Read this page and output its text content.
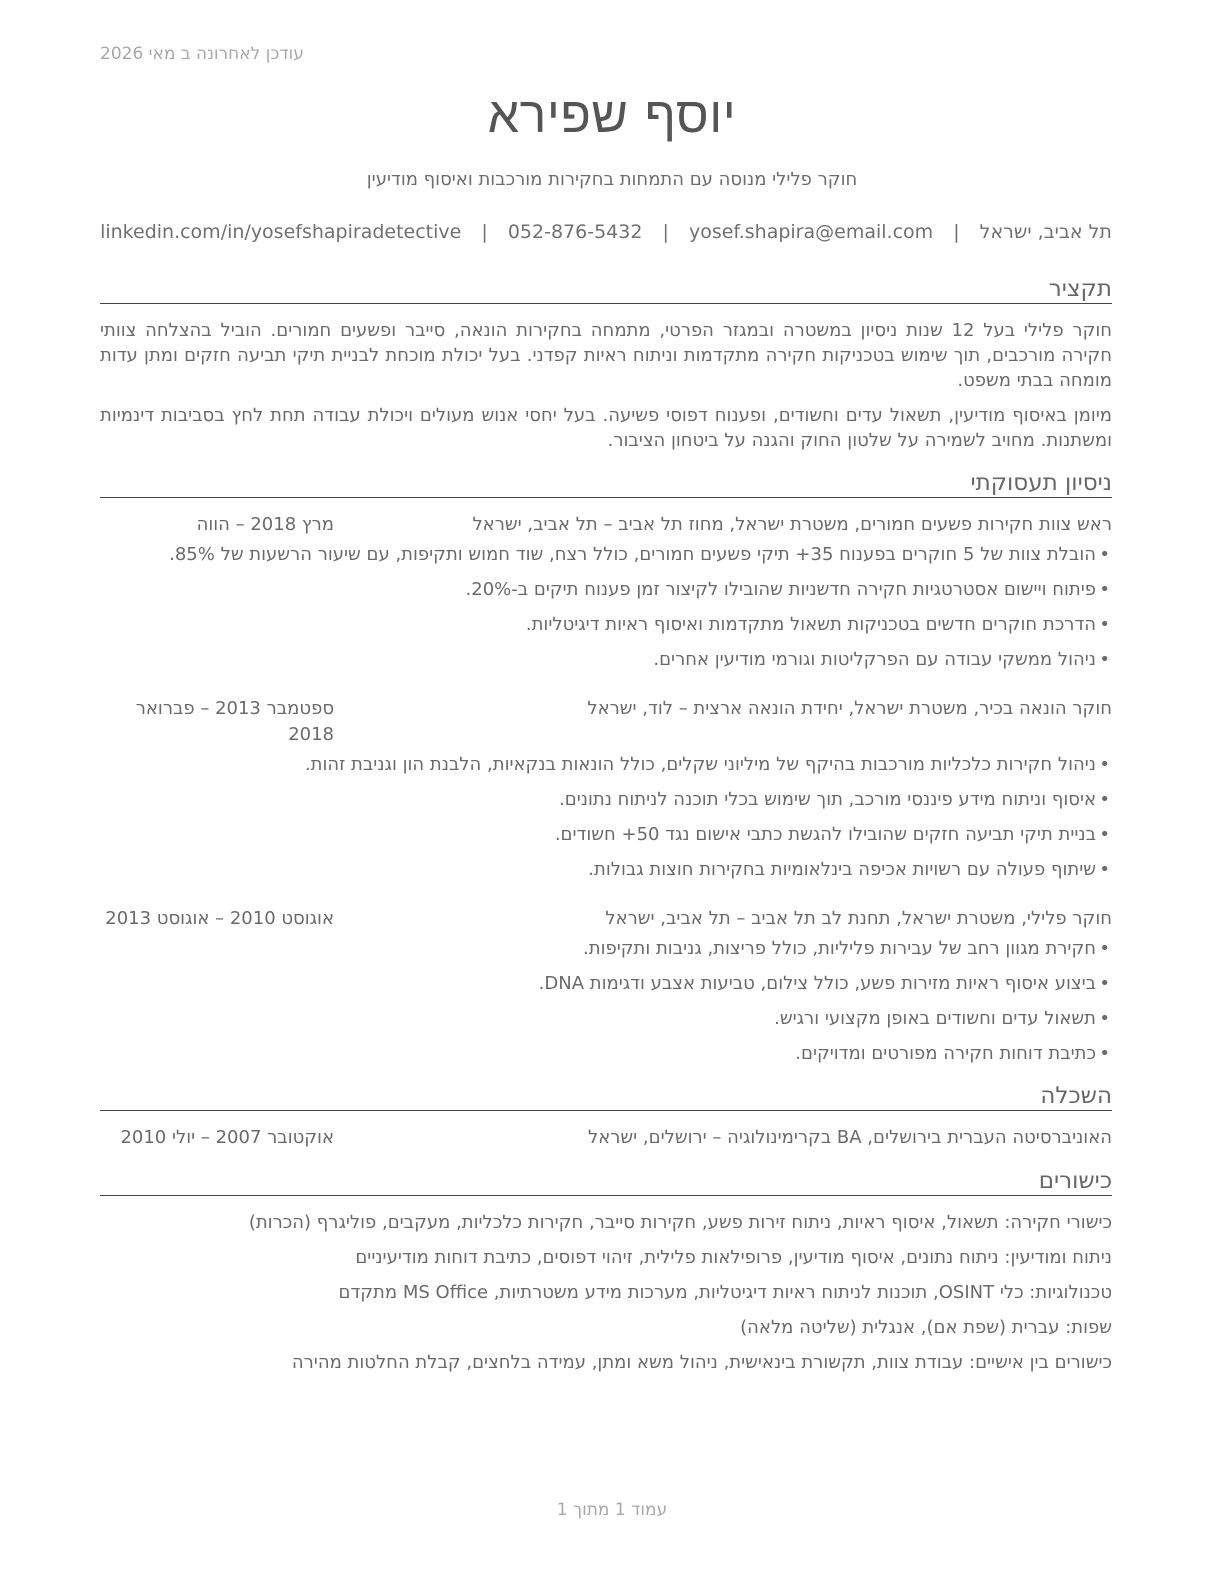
עודכן לאחרונה ב מאי 2026
יוסף שפירא
חוקר פלילי מנוסה עם התמחות בחקירות מורכבות ואיסוף מודיעין
תל אביב, ישראל | yosef.shapira@email.com | 052-876-5432 | linkedin.com/in/yosefshapiradetective
תקציר

חוקר פלילי בעל 12 שנות ניסיון במשטרה ובמגזר הפרטי, מתמחה בחקירות הונאה, סייבר ופשעים חמורים. הוביל בהצלחה צוותי חקירה מורכבים, תוך שימוש בטכניקות חקירה מתקדמות וניתוח ראיות קפדני. בעל יכולת מוכחת לבניית תיקי תביעה חזקים ומתן עדות מומחה בבתי משפט.

מיומן באיסוף מודיעין, תשאול עדים וחשודים, ופענוח דפוסי פשיעה. בעל יחסי אנוש מעולים ויכולת עבודה תחת לחץ בסביבות דינמיות ומשתנות. מחויב לשמירה על שלטון החוק והגנה על ביטחון הציבור.

ניסיון תעסוקתי
ראש צוות חקירות פשעים חמורים, משטרת ישראל, מחוז תל אביב – תל אביב, ישראל
מרץ 2018 – הווה
• הובלת צוות של 5 חוקרים בפענוח 35+ תיקי פשעים חמורים, כולל רצח, שוד חמוש ותקיפות, עם שיעור הרשעות של 85%.
• פיתוח ויישום אסטרטגיות חקירה חדשניות שהובילו לקיצור זמן פענוח תיקים ב-20%.
• הדרכת חוקרים חדשים בטכניקות תשאול מתקדמות ואיסוף ראיות דיגיטליות.
• ניהול ממשקי עבודה עם הפרקליטות וגורמי מודיעין אחרים.
חוקר הונאה בכיר, משטרת ישראל, יחידת הונאה ארצית – לוד, ישראל
ספטמבר 2013 – פברואר 2018
• ניהול חקירות כלכליות מורכבות בהיקף של מיליוני שקלים, כולל הונאות בנקאיות, הלבנת הון וגניבת זהות.
• איסוף וניתוח מידע פיננסי מורכב, תוך שימוש בכלי תוכנה לניתוח נתונים.
• בניית תיקי תביעה חזקים שהובילו להגשת כתבי אישום נגד 50+ חשודים.
• שיתוף פעולה עם רשויות אכיפה בינלאומיות בחקירות חוצות גבולות.
חוקר פלילי, משטרת ישראל, תחנת לב תל אביב – תל אביב, ישראל
אוגוסט 2010 – אוגוסט 2013
• חקירת מגוון רחב של עבירות פליליות, כולל פריצות, גניבות ותקיפות.
• ביצוע איסוף ראיות מזירות פשע, כולל צילום, טביעות אצבע ודגימות DNA.
• תשאול עדים וחשודים באופן מקצועי ורגיש.
• כתיבת דוחות חקירה מפורטים ומדויקים.
השכלה
האוניברסיטה העברית בירושלים, BA בקרימינולוגיה – ירושלים, ישראל
אוקטובר 2007 – יולי 2010
כישורים
כישורי חקירה: תשאול, איסוף ראיות, ניתוח זירות פשע, חקירות סייבר, חקירות כלכליות, מעקבים, פוליגרף (הכרות)
ניתוח ומודיעין: ניתוח נתונים, איסוף מודיעין, פרופילאות פלילית, זיהוי דפוסים, כתיבת דוחות מודיעיניים
טכנולוגיות: כלי OSINT, תוכנות לניתוח ראיות דיגיטליות, מערכות מידע משטרתיות, MS Office מתקדם
שפות: עברית (שפת אם), אנגלית (שליטה מלאה)
כישורים בין אישיים: עבודת צוות, תקשורת בינאישית, ניהול משא ומתן, עמידה בלחצים, קבלת החלטות מהירה
עמוד 1 מתוך 1
